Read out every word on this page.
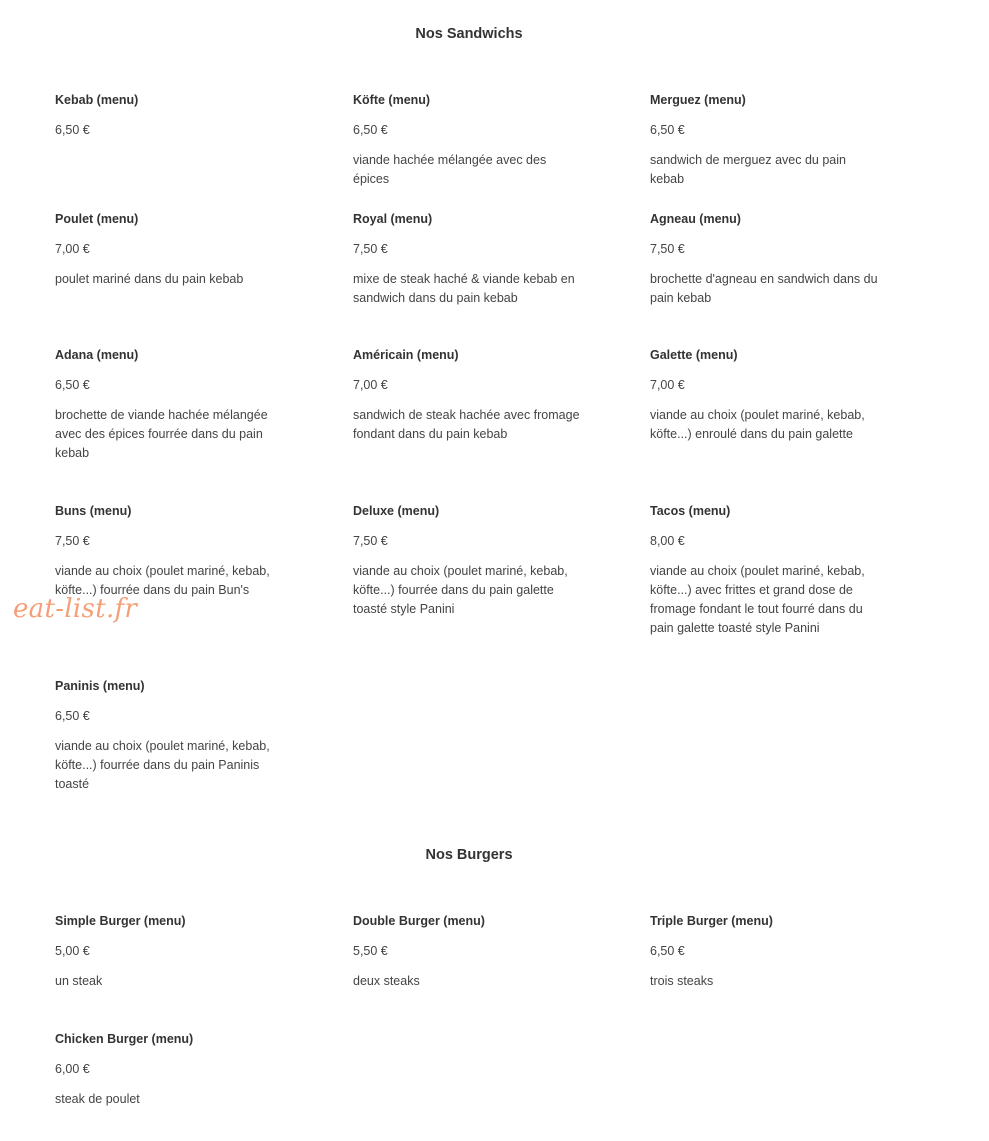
Nos Sandwichs

Kebab (menu)

6,50 €

Köfte (menu)

6,50 €

viande hachée mélangée avec des épices

Merguez (menu)

6,50 €

sandwich de merguez avec du pain kebab

Poulet (menu)

7,00 €

poulet mariné dans du pain kebab

Royal (menu)

7,50 €

mixe de steak haché & viande kebab en sandwich dans du pain kebab

Agneau (menu)

7,50 €

brochette d'agneau en sandwich dans du pain kebab

Adana (menu)

6,50 €

brochette de viande hachée mélangée avec des épices fourrée dans du pain kebab

Américain (menu)

7,00 €

sandwich de steak hachée avec fromage fondant dans du pain kebab

Galette (menu)

7,00 €

viande au choix (poulet mariné, kebab, köfte...) enroulé dans du pain galette

Buns (menu)

7,50 €

viande au choix (poulet mariné, kebab, köfte...) fourrée dans du pain Bun's

Deluxe (menu)

7,50 €

viande au choix (poulet mariné, kebab, köfte...) fourrée dans du pain galette toasté style Panini

Tacos (menu)

8,00 €

viande au choix (poulet mariné, kebab, köfte...) avec frittes et grand dose de fromage fondant le tout fourré dans du pain galette toasté style Panini

Paninis (menu)

6,50 €

viande au choix (poulet mariné, kebab, köfte...) fourrée dans du pain Paninis toasté

Nos Burgers

Simple Burger (menu)

5,00 €

un steak

Double Burger (menu)

5,50 €

deux steaks

Triple Burger (menu)

6,50 €

trois steaks

Chicken Burger (menu)

6,00 €

steak de poulet

eat-list.fr
